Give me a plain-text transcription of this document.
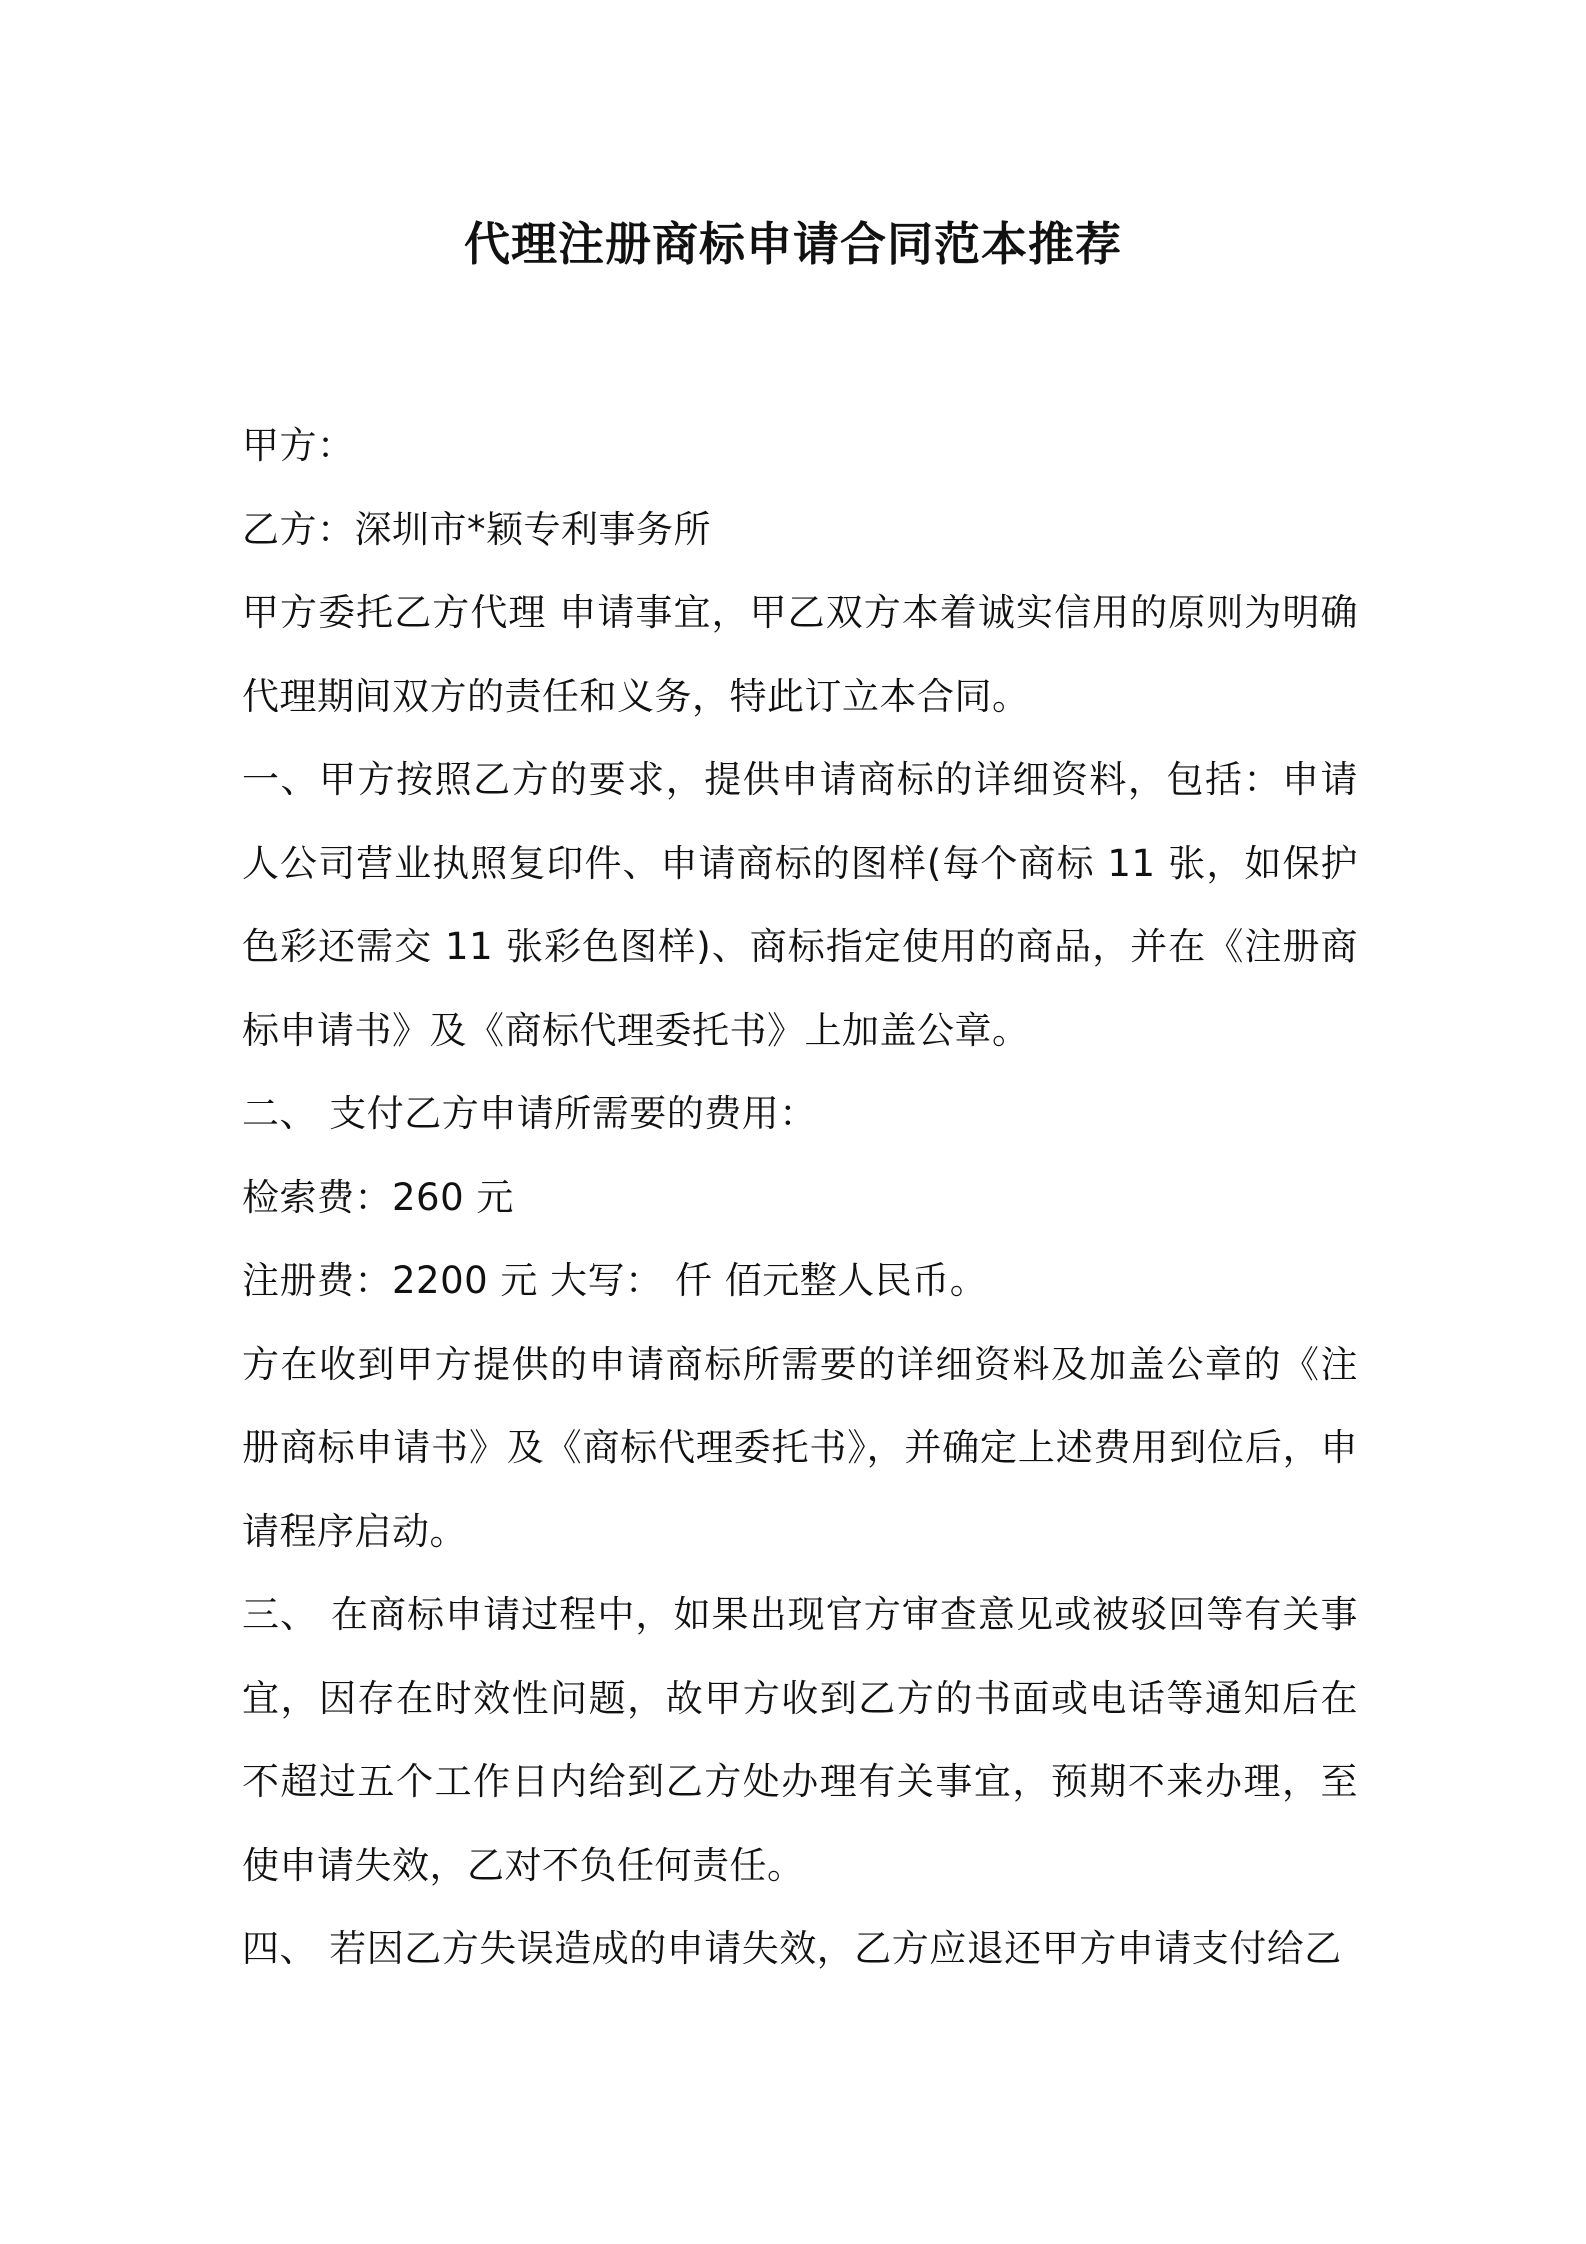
代理注册商标申请合同范本推荐

甲方：

乙方：深圳市*颖专利事务所

甲方委托乙方代理 申请事宜，甲乙双方本着诚实信用的原则为明确代理期间双方的责任和义务，特此订立本合同。

一、甲方按照乙方的要求，提供申请商标的详细资料，包括：申请人公司营业执照复印件、申请商标的图样(每个商标 11 张，如保护色彩还需交 11 张彩色图样)、商标指定使用的商品，并在《注册商标申请书》及《商标代理委托书》上加盖公章。

二、 支付乙方申请所需要的费用：

检索费：260 元

注册费：2200 元 大写： 仟 佰元整人民币。

方在收到甲方提供的申请商标所需要的详细资料及加盖公章的《注册商标申请书》及《商标代理委托书》，并确定上述费用到位后，申请程序启动。

三、 在商标申请过程中，如果出现官方审查意见或被驳回等有关事宜，因存在时效性问题，故甲方收到乙方的书面或电话等通知后在不超过五个工作日内给到乙方处办理有关事宜，预期不来办理，至使申请失效，乙对不负任何责任。

四、 若因乙方失误造成的申请失效，乙方应退还甲方申请支付给乙
